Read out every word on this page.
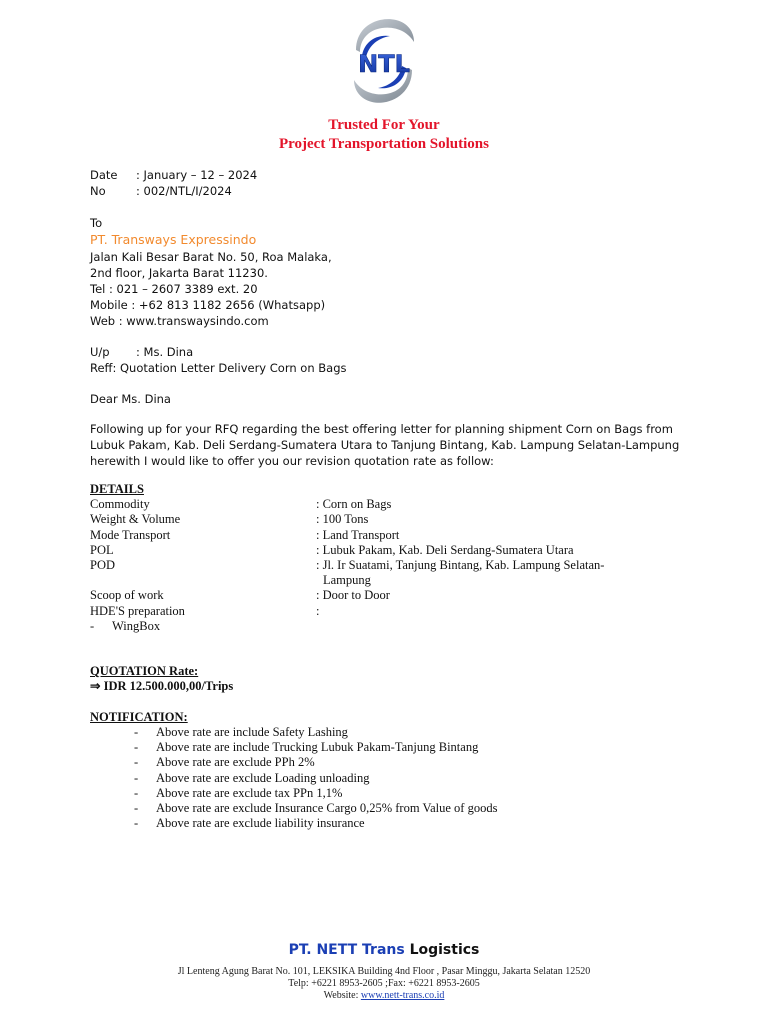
NTL
Trusted For Your
Project Transportation Solutions
Date	: January – 12 – 2024
No	: 002/NTL/I/2024
To
PT. Transways Expressindo
Jalan Kali Besar Barat No. 50, Roa Malaka,
2nd floor, Jakarta Barat 11230.
Tel : 021 – 2607 3389 ext. 20
Mobile : +62 813 1182 2656 (Whatsapp)
Web : www.transwaysindo.com
U/p	: Ms. Dina
Reff: Quotation Letter Delivery Corn on Bags
Dear Ms. Dina
Following up for your RFQ regarding the best offering letter for planning shipment Corn on Bags from
Lubuk Pakam, Kab. Deli Serdang-Sumatera Utara to Tanjung Bintang, Kab. Lampung Selatan-Lampung
herewith I would like to offer you our revision quotation rate as follow:
DETAILS
Commodity	: Corn on Bags
Weight & Volume	: 100 Tons
Mode Transport	: Land Transport
POL	: Lubuk Pakam, Kab. Deli Serdang-Sumatera Utara
POD	: Jl. Ir Suatami, Tanjung Bintang, Kab. Lampung Selatan-
Lampung
Scoop of work	: Door to Door
HDE'S preparation	:
-	WingBox
QUOTATION Rate:
⇒ IDR 12.500.000,00/Trips
NOTIFICATION:
-	Above rate are include Safety Lashing
-	Above rate are include Trucking Lubuk Pakam-Tanjung Bintang
-	Above rate are exclude PPh 2%
-	Above rate are exclude Loading unloading
-	Above rate are exclude tax PPn 1,1%
-	Above rate are exclude Insurance Cargo 0,25% from Value of goods
-	Above rate are exclude liability insurance
PT. NETT Trans Logistics
Jl Lenteng Agung Barat No. 101, LEKSIKA Building 4nd Floor , Pasar Minggu, Jakarta Selatan 12520
Telp: +6221 8953-2605 ;Fax: +6221 8953-2605
Website: www.nett-trans.co.id
